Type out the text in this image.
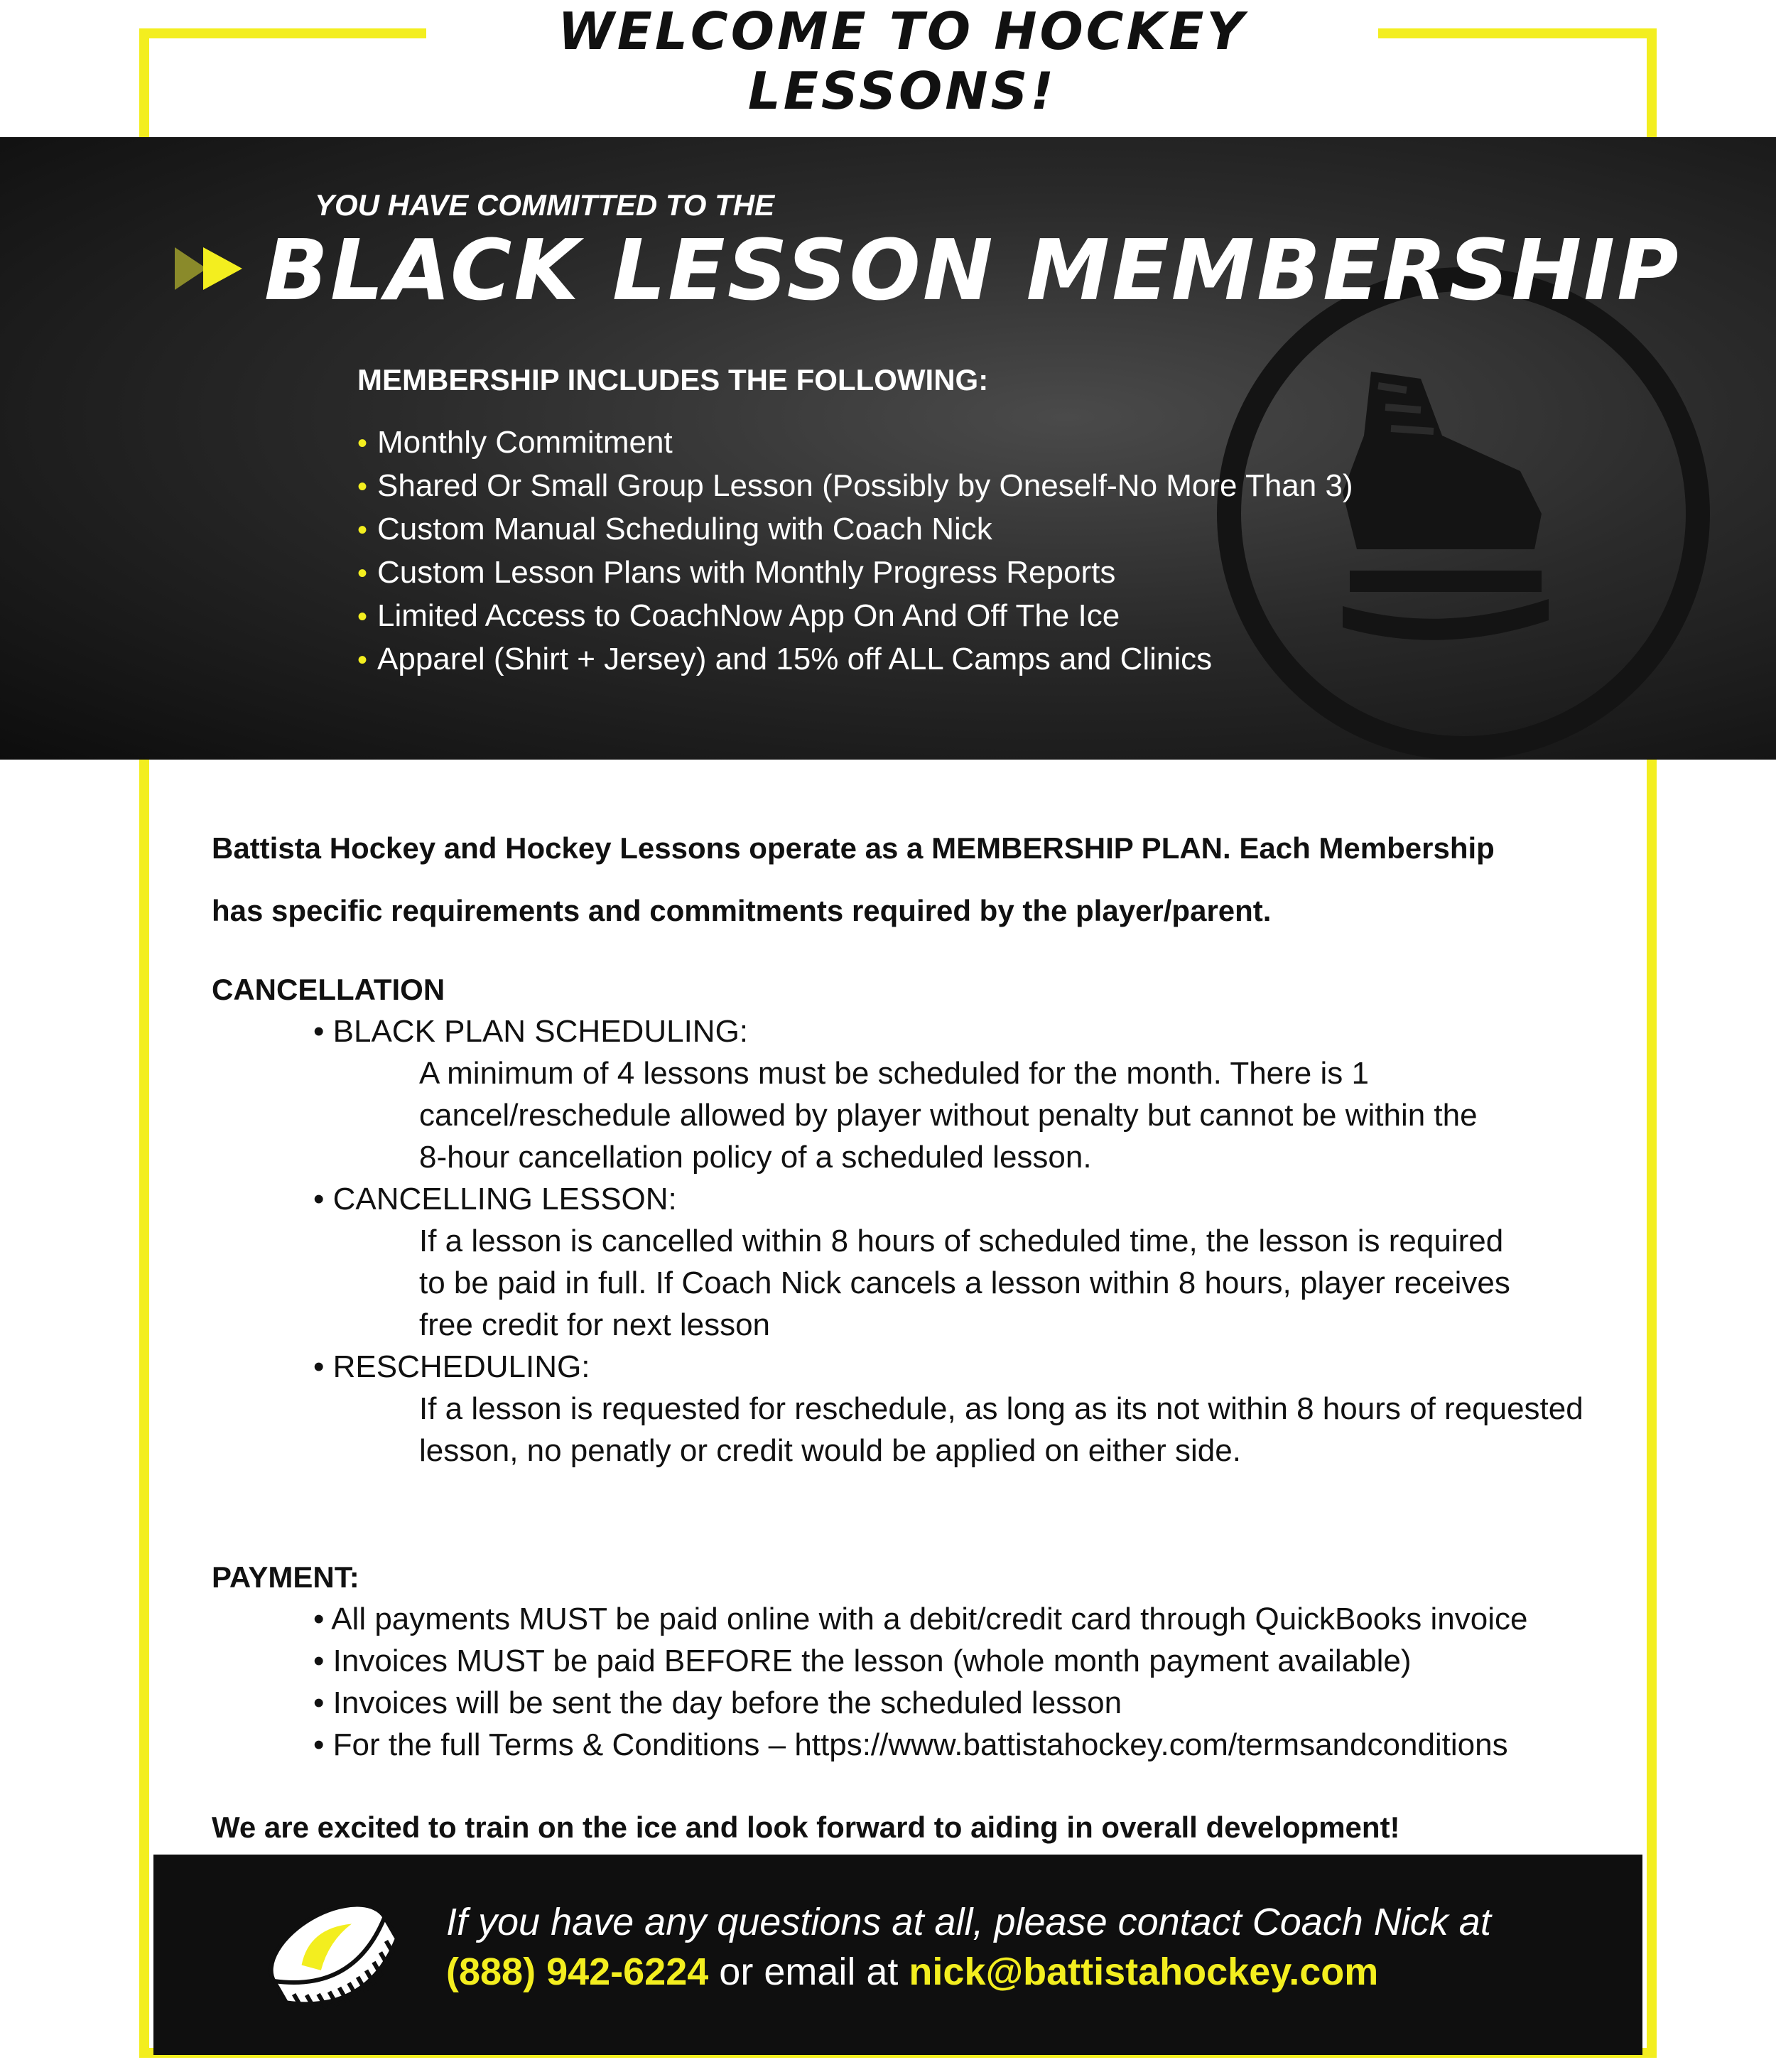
WELCOME TO HOCKEY LESSONS!
YOU HAVE COMMITTED TO THE
BLACK LESSON MEMBERSHIP
MEMBERSHIP INCLUDES THE FOLLOWING:
• Monthly Commitment
• Shared Or Small Group Lesson (Possibly by Oneself-No More Than 3)
• Custom Manual Scheduling with Coach Nick
• Custom Lesson Plans with Monthly Progress Reports
• Limited Access to CoachNow App On And Off The Ice
• Apparel (Shirt + Jersey) and 15% off ALL Camps and Clinics

Battista Hockey and Hockey Lessons operate as a MEMBERSHIP PLAN. Each Membership

has specific requirements and commitments required by the player/parent.

CANCELLATION

• BLACK PLAN SCHEDULING:

A minimum of 4 lessons must be scheduled for the month. There is 1

cancel/reschedule allowed by player without penalty but cannot be within the

8-hour cancellation policy of a scheduled lesson.

• CANCELLING LESSON:

If a lesson is cancelled within 8 hours of scheduled time, the lesson is required

to be paid in full. If Coach Nick cancels a lesson within 8 hours, player receives

free credit for next lesson

• RESCHEDULING:

If a lesson is requested for reschedule, as long as its not within 8 hours of requested

lesson, no penatly or credit would be applied on either side.

PAYMENT:

• All payments MUST be paid online with a debit/credit card through QuickBooks invoice

• Invoices MUST be paid BEFORE the lesson (whole month payment available)

• Invoices will be sent the day before the scheduled lesson

• For the full Terms & Conditions – https://www.battistahockey.com/termsandconditions

We are excited to train on the ice and look forward to aiding in overall development!

If you have any questions at all, please contact Coach Nick at
(888) 942-6224 or email at nick@battistahockey.com
